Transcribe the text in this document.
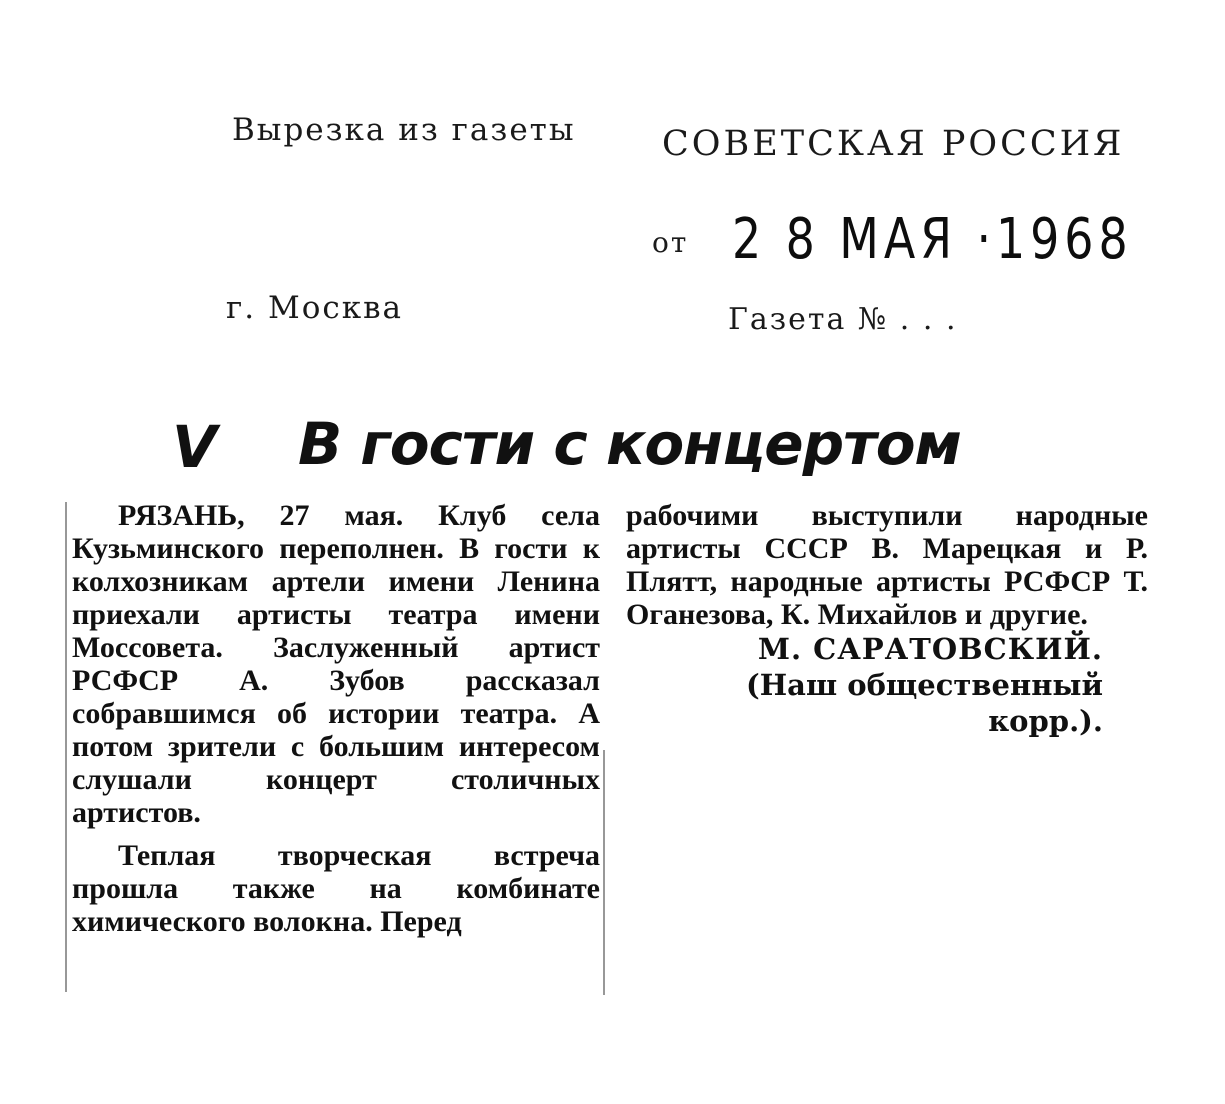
Вырезка из газеты СОВЕТСКАЯ РОССИЯ
от 2 8 МАЯ ·1968
г. Москва	Газета № . . .
V В гости с концертом

РЯЗАНЬ, 27 мая. Клуб села Кузьминского переполнен. В гости к колхозникам артели имени Ленина приехали артисты театра имени Моссовета. Заслуженный артист РСФСР А. Зубов рассказал собравшимся об истории театра. А потом зрители с большим интересом слушали концерт столичных артистов.

Теплая творческая встреча прошла также на комбинате химического волокна. Перед

рабочими выступили народные артисты СССР В. Марецкая и Р. Плятт, народные артисты РСФСР Т. Оганезова, К. Михайлов и другие.

М. САРАТОВСКИЙ.

(Наш общественный

корр.).
